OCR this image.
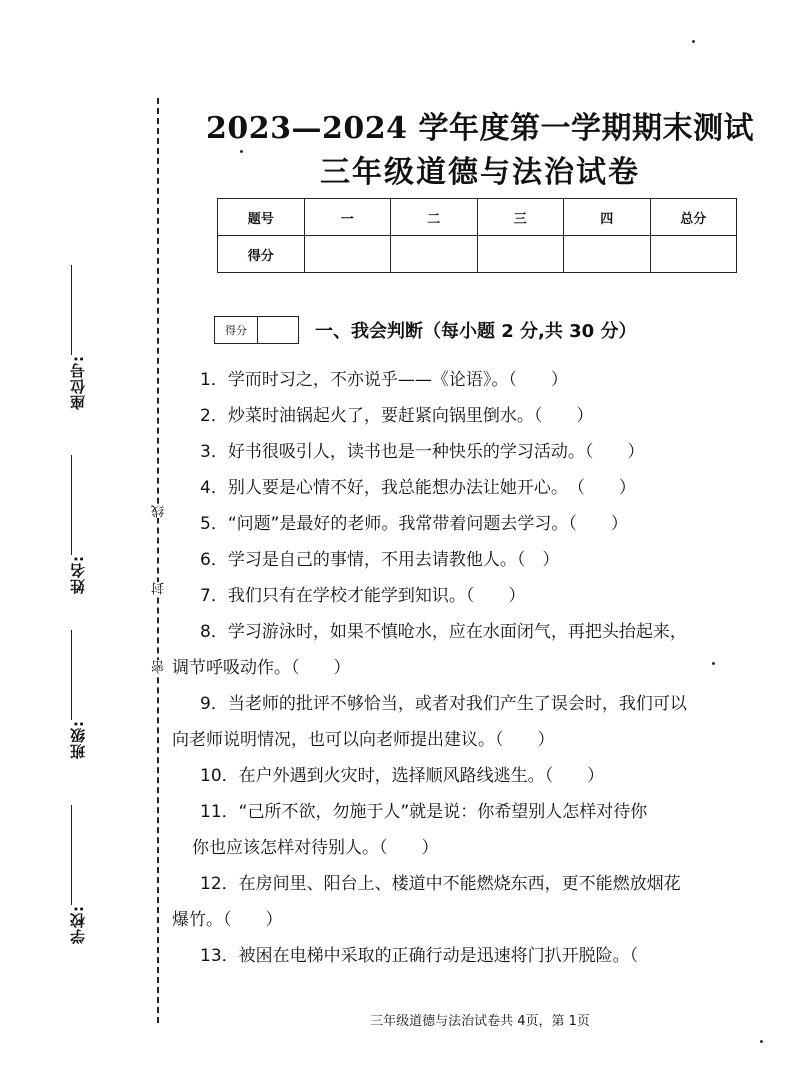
线
封
密
座位号:
姓名:
班级:
学校:
2023—2024 学年度第一学期期末测试
三年级道德与法治试卷
题号	一	二	三	四	总分
得分					
得分	一、我会判断（每小题 2 分,共 30 分）

1．学而时习之，不亦说乎——《论语》。（　　）

2．炒菜时油锅起火了，要赶紧向锅里倒水。（　　）

3．好书很吸引人，读书也是一种快乐的学习活动。（　　）

4．别人要是心情不好，我总能想办法让她开心。　（　　）

5．“问题”是最好的老师。我常带着问题去学习。（　　）

6．学习是自己的事情，不用去请教他人。（　）

7．我们只有在学校才能学到知识。（　　）

8．学习游泳时，如果不慎呛水，应在水面闭气，再把头抬起来，

调节呼吸动作。（　　）

9．当老师的批评不够恰当，或者对我们产生了误会时，我们可以

向老师说明情况，也可以向老师提出建议。（　　）

10．在户外遇到火灾时，选择顺风路线逃生。（　　）

11．“己所不欲，勿施于人”就是说：你希望别人怎样对待你

你也应该怎样对待别人。（　　）

12．在房间里、阳台上、楼道中不能燃烧东西，更不能燃放烟花

爆竹。（　　）

13．被困在电梯中采取的正确行动是迅速将门扒开脱险。（

三年级道德与法治试卷共 4页，第 1页
